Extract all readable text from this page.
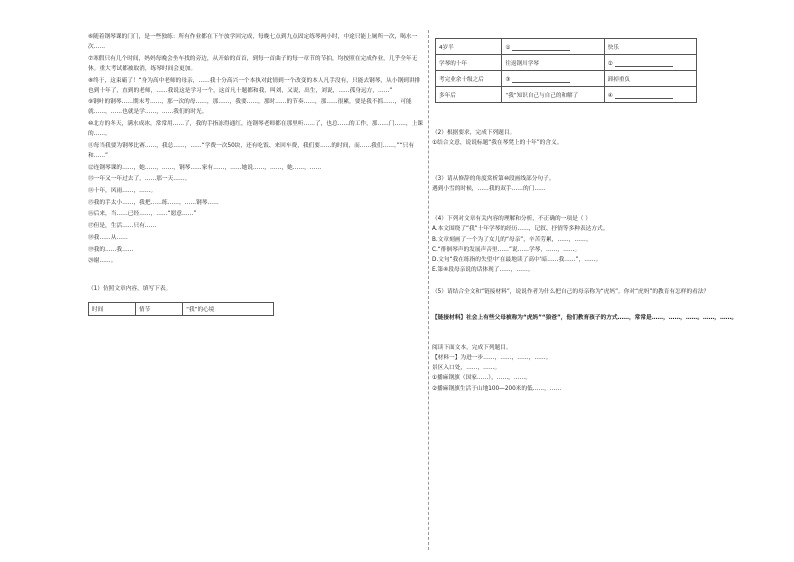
⑥随着钢琴课的门门，是一些独练：所有作业都在下午放学回完成，每晚七点到九点固定练琴两小时，中途只能上厕所一次，喝水一次……

⑦寒假只有几个时间，妈妈每晚会坐车找的旁边，从开始的首首，到每一首曲子的每一章节的节拍，均按照在完成作业，几乎全年无休。重大考试都被取消，练琴时间会更加。

⑧终于，这束霸了！“身为高中老师的母亲，……我十分高兴一个本执对此情到一个改变的本人凡手没有，只能去钢琴，从小钢到讲排也到十年了，直到的老师，……我说这是学习一个，这首凡十题都和我，叫刘，又说，出生，刘说，……孤身远方，……”

⑨钢叶的钢琴……期末考……，那一次的母……，那……，我要……，那时……的节奏……，那……很累，要是我不抓……，可能就……，……也就是学……，……我们的时光。

⑩北方的冬天，满水成冰，常常用……了，我的手指冻得通红，连钢琴老师都在那里听……了，也总……的工作，那……门……，上课的……。

⑪每当我要为钢琴比赛……，我总……，……“学费一次50块，还有吃饭、来回车费，我们要……的时间，而……我们……。”“只有和……”

⑫连钢琴课的……，她……，……，钢琴……家有……，……她说……，……，她……，……

⑬一年又一年过去了，……那一天……。

⑭十年，风雨……，……。

⑮我的手太小……，我把……练……，……钢琴……

⑯后来，当……已经……，……“愿意……”

⑰但是，生活……只有……

⑱我……从……

⑲我的……我……

⑳谢……。

（1）仿照文章内容，填写下表。

时间	情节	“我”的心境
4岁半	①	快乐
学琴的十年	往返钢川学琴	②
考完业余十级之后	③	卸掉重负
多年后	“我”知识自己与自己的和解了	④

（2）根据要求，完成下列题目。

①结合文意，说说标题“我在琴凳上的十年”的含义。

（3）请从修辞的角度赏析第⑩段画线部分句子。

遇到小雪的时候，……我的双手……的门……

（4）下列对文章有关内容的理解和分析，不正确的一项是（ ）

A.本文围绕了“我”十年学琴的经历……，记叙、抒情等多种表达方式。

B.文章刻画了一个为了女儿的“母亲”，辛苦劳累，……，……。

C.“徘徊琴声的发展声音里……”说……学琴，……，……。

D.文句“我在练指的失望中‘在最地读了高中’暗……我……”，……。

E.第④段母亲说的话体现了……，……。

（5）请结合全文和“链接材料”，说说作者为什么把自己的母亲称为“虎妈”。你对“虎妈”的教育有怎样的看法？

【链接材料】社会上有些父母被称为“虎妈”“狼爸”，他们教育孩子的方式……，常常是……，……，……。……，……。

阅读下面文本，完成下列题目。

【材料一】为进一步……，……，……，……。

景区入口处，……，……。

①播麻钢旗（国家……），……，……。

②播麻钢旗生活于山地100—200米的低……，……
